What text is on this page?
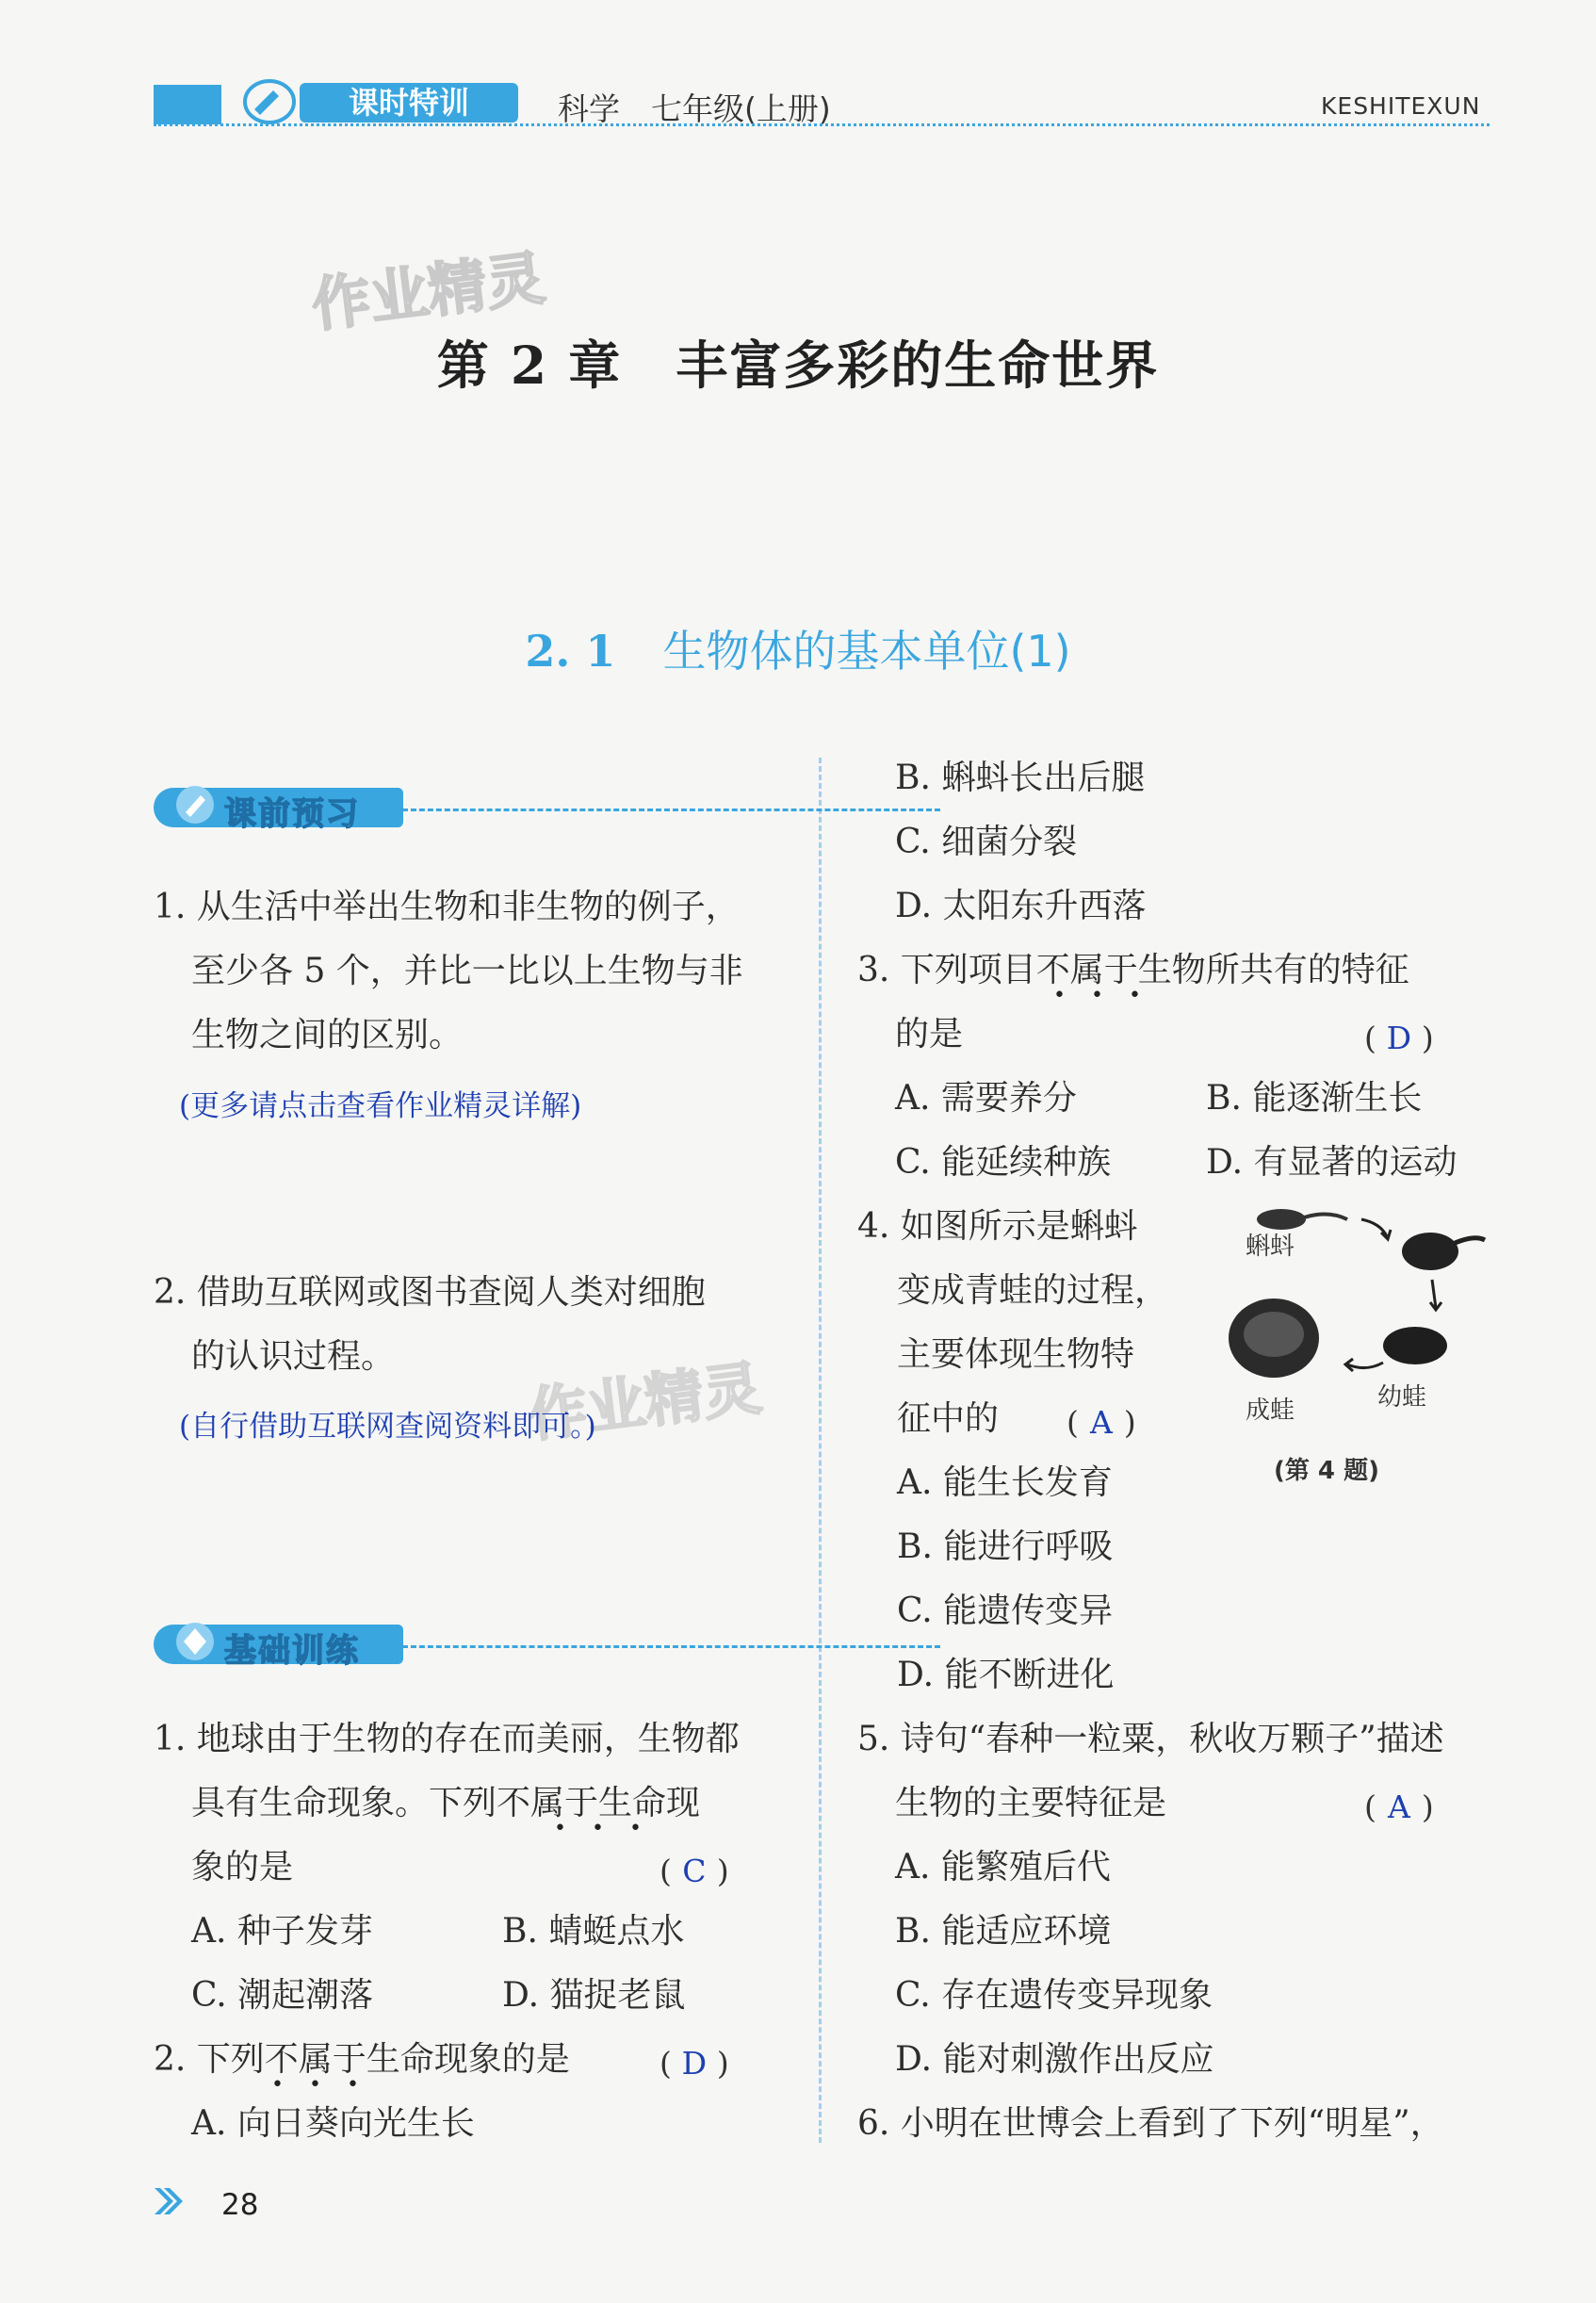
课时特训	科学　七年级(上册)	KESHITEXUN
作业精灵
作业精灵
第 2 章　丰富多彩的生命世界
2. 1 生物体的基本单位(1)
课前预习
1. 从生活中举出生物和非生物的例子，
至少各 5 个，并比一比以上生物与非
生物之间的区别。
(更多请点击查看作业精灵详解)
2. 借助互联网或图书查阅人类对细胞
的认识过程。
(自行借助互联网查阅资料即可。)
基础训练
1. 地球由于生物的存在而美丽，生物都
具有生命现象。下列不属于生命现
•••
象的是	( C )
A. 种子发芽	B. 蜻蜓点水
C. 潮起潮落	D. 猫捉老鼠
2. 下列不属于生命现象的是
•••
( D )
A. 向日葵向光生长
B. 蝌蚪长出后腿
C. 细菌分裂
D. 太阳东升西落
3. 下列项目不属于生物所共有的特征
•••
的是	( D )
A. 需要养分	B. 能逐渐生长
C. 能延续种族	D. 有显著的运动
4. 如图所示是蝌蚪
变成青蛙的过程，
主要体现生物特
征中的 ( A )
蝌蚪
成蛙	幼蛙
(第 4 题)
A. 能生长发育
B. 能进行呼吸
C. 能遗传变异
D. 能不断进化
5. 诗句“春种一粒粟，秋收万颗子”描述
生物的主要特征是	( A )
A. 能繁殖后代
B. 能适应环境
C. 存在遗传变异现象
D. 能对刺激作出反应
6. 小明在世博会上看到了下列“明星”，
28
